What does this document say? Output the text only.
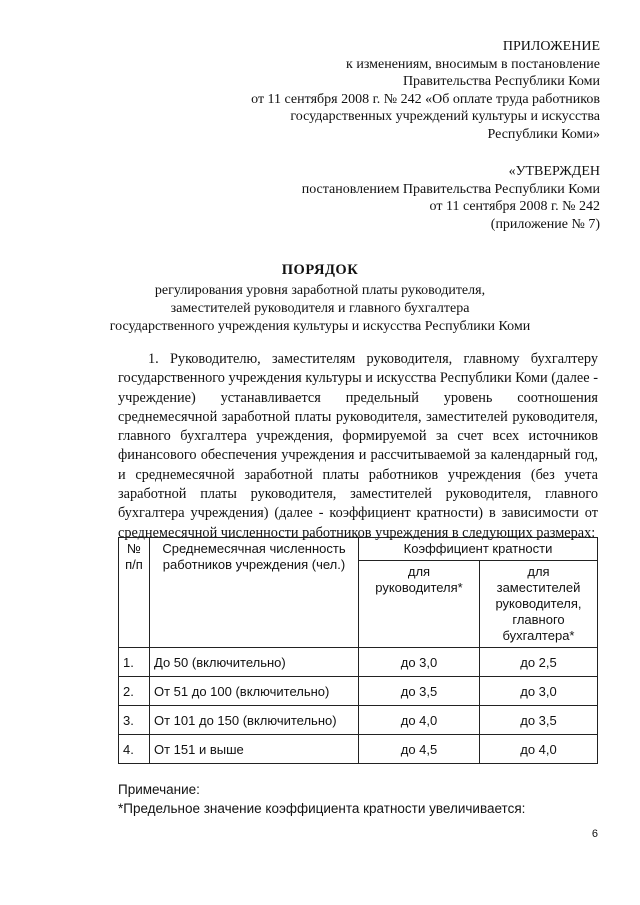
ПРИЛОЖЕНИЕ
к изменениям, вносимым в постановление
Правительства Республики Коми
от 11 сентября 2008 г. № 242 «Об оплате труда работников
государственных учреждений культуры и искусства
Республики Коми»
«УТВЕРЖДЕН
постановлением Правительства Республики Коми
от 11 сентября 2008 г. № 242
(приложение № 7)
ПОРЯДОК
регулирования уровня заработной платы руководителя,
заместителей руководителя и главного бухгалтера
государственного учреждения культуры и искусства Республики Коми
1. Руководителю, заместителям руководителя, главному бухгалтеру государственного учреждения культуры и искусства Республики Коми (далее - учреждение) устанавливается предельный уровень соотношения среднемесячной заработной платы руководителя, заместителей руководителя, главного бухгалтера учреждения, формируемой за счет всех источников финансового обеспечения учреждения и рассчитываемой за календарный год, и среднемесячной заработной платы работников учреждения (без учета заработной платы руководителя, заместителей руководителя, главного бухгалтера учреждения) (далее - коэффициент кратности) в зависимости от среднемесячной численности работников учреждения в следующих размерах:
№ п/п	Среднемесячная численность работников учреждения (чел.)	Коэффициент кратности	
		для руководителя*	для заместителей руководителя, главного бухгалтера*
1.	До 50 (включительно)	до 3,0	до 2,5
2.	От 51 до 100 (включительно)	до 3,5	до 3,0
3.	От 101 до 150 (включительно)	до 4,0	до 3,5
4.	От 151 и выше	до 4,5	до 4,0
Примечание:
*Предельное значение коэффициента кратности увеличивается:
6
